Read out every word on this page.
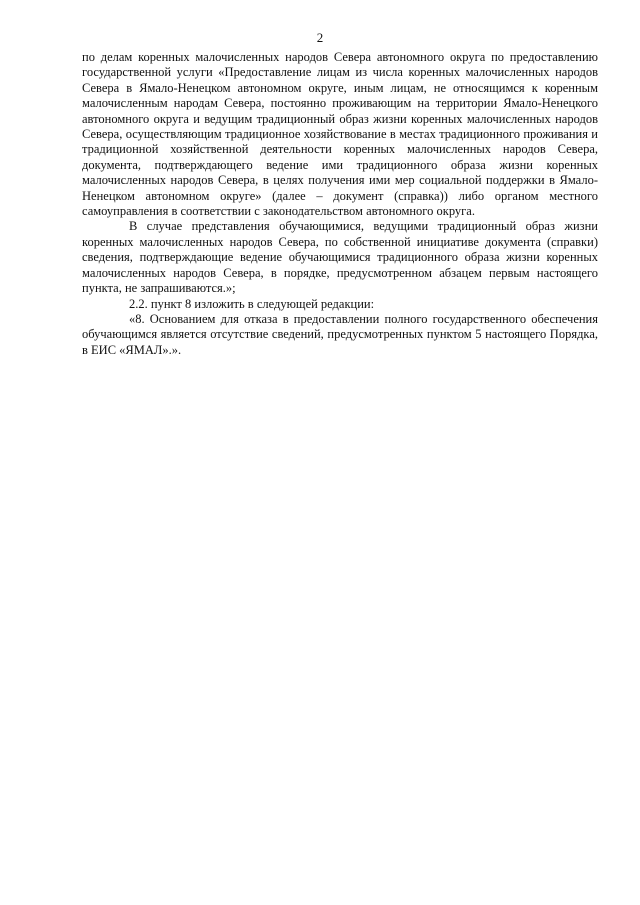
2

по делам коренных малочисленных народов Севера автономного округа по предоставлению государственной услуги «Предоставление лицам из числа коренных малочисленных народов Севера в Ямало-Ненецком автономном округе, иным лицам, не относящимся к коренным малочисленным народам Севера, постоянно проживающим на территории Ямало-Ненецкого автономного округа и ведущим традиционный образ жизни коренных малочисленных народов Севера, осуществляющим традиционное хозяйствование в местах традиционного проживания и традиционной хозяйственной деятельности коренных малочисленных народов Севера, документа, подтверждающего ведение ими традиционного образа жизни коренных малочисленных народов Севера, в целях получения ими мер социальной поддержки в Ямало-Ненецком автономном округе» (далее – документ (справка)) либо органом местного самоуправления в соответствии с законодательством автономного округа.

В случае представления обучающимися, ведущими традиционный образ жизни коренных малочисленных народов Севера, по собственной инициативе документа (справки) сведения, подтверждающие ведение обучающимися традиционного образа жизни коренных малочисленных народов Севера, в порядке, предусмотренном абзацем первым настоящего пункта, не запрашиваются.»;

2.2. пункт 8 изложить в следующей редакции:

«8. Основанием для отказа в предоставлении полного государственного обеспечения обучающимся является отсутствие сведений, предусмотренных пунктом 5 настоящего Порядка, в ЕИС «ЯМАЛ».».
